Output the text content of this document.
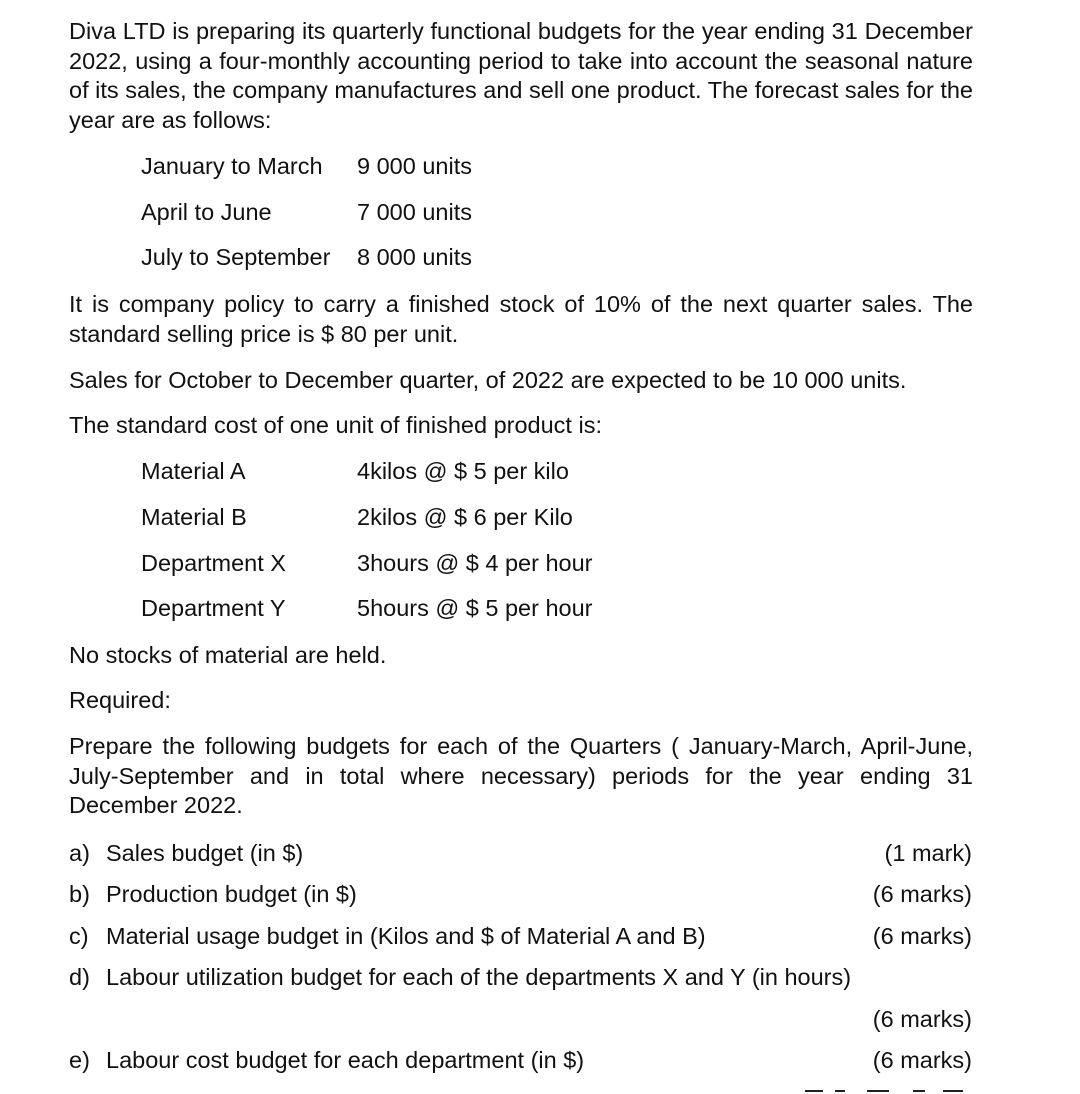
Diva LTD is preparing its quarterly functional budgets for the year ending 31 December 2022, using a four-monthly accounting period to take into account the seasonal nature of its sales, the company manufactures and sell one product. The forecast sales for the year are as follows:
January to March 9 000 units
April to June	7 000 units
July to September 8 000 units
It is company policy to carry a finished stock of 10% of the next quarter sales. The standard selling price is $ 80 per unit.
Sales for October to December quarter, of 2022 are expected to be 10 000 units.
The standard cost of one unit of finished product is:
Material A	4kilos @ $ 5 per kilo
Material B	2kilos @ $ 6 per Kilo
Department X	3hours @ $ 4 per hour
Department Y	5hours @ $ 5 per hour
No stocks of material are held.
Required:
Prepare the following budgets for each of the Quarters ( January-March, April-June, July-September and in total where necessary) periods for the year ending 31 December 2022.
a) Sales budget (in $)	(1 mark)
b) Production budget (in $)	(6 marks)
c) Material usage budget in (Kilos and $ of Material A and B)	(6 marks)
d) Labour utilization budget for each of the departments X and Y (in hours)
(6 marks)
e) Labour cost budget for each department (in $)	(6 marks)
